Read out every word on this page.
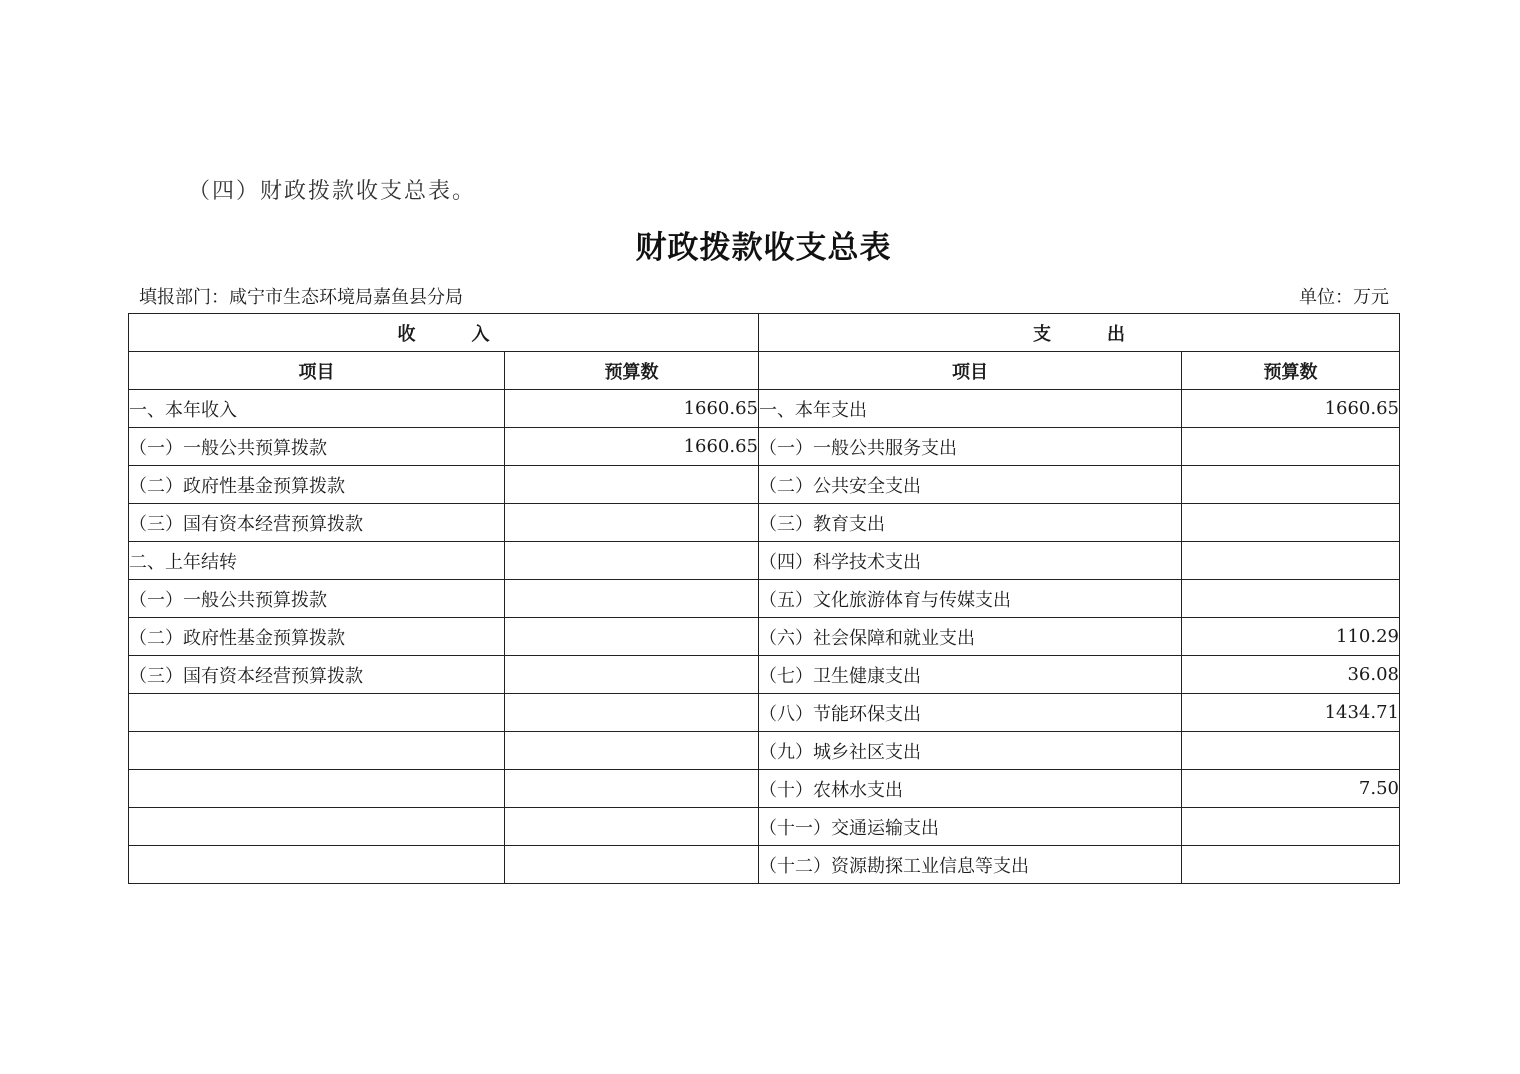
（四）财政拨款收支总表。
财政拨款收支总表
填报部门：咸宁市生态环境局嘉鱼县分局	单位：万元
收入		支出	
项目	预算数	项目	预算数
一、本年收入	1660.65	一、本年支出	1660.65
（一）一般公共预算拨款	1660.65	（一）一般公共服务支出	
（二）政府性基金预算拨款		（二）公共安全支出	
（三）国有资本经营预算拨款		（三）教育支出	
二、上年结转		（四）科学技术支出	
（一）一般公共预算拨款		（五）文化旅游体育与传媒支出	
（二）政府性基金预算拨款		（六）社会保障和就业支出	110.29
（三）国有资本经营预算拨款		（七）卫生健康支出	36.08
		（八）节能环保支出	1434.71
		（九）城乡社区支出	
		（十）农林水支出	7.50
		（十一）交通运输支出	
		（十二）资源勘探工业信息等支出	
